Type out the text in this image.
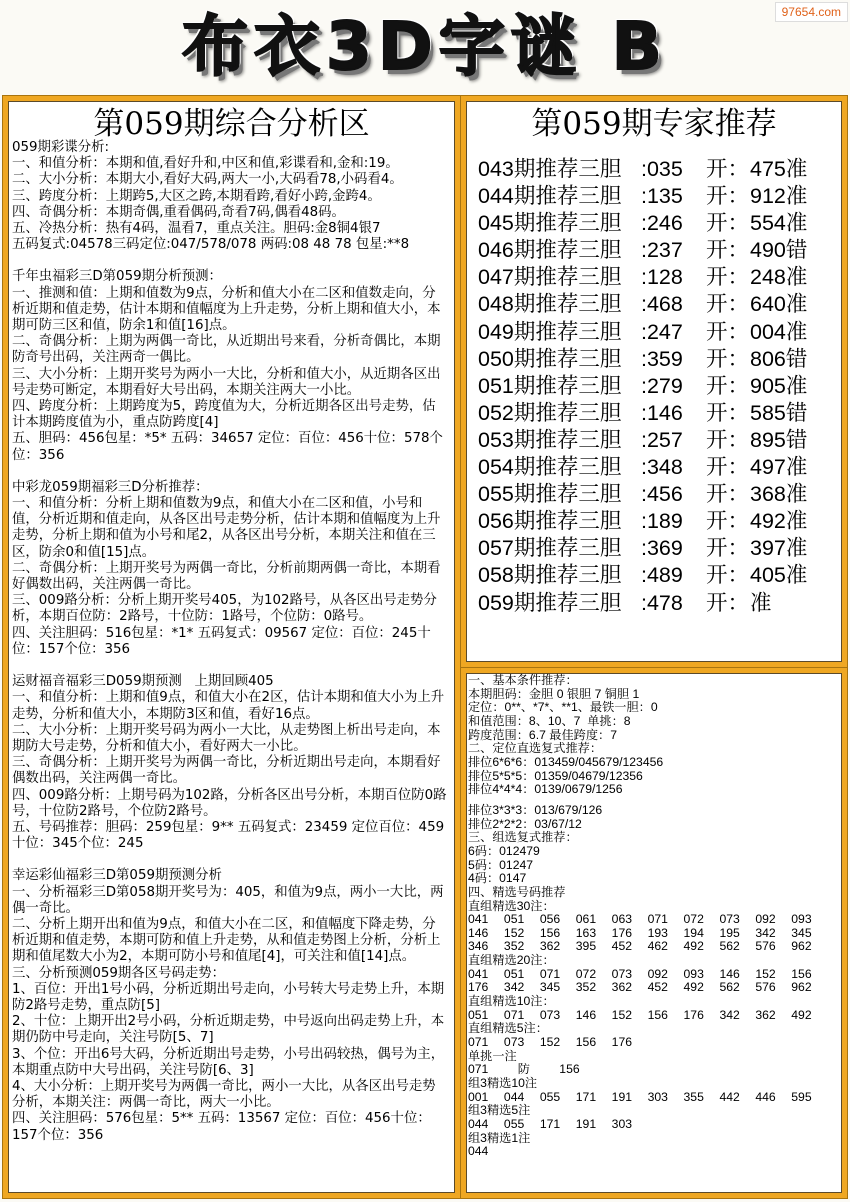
布衣3D字谜 B	97654.com
第059期综合分析区

059期彩谍分析:

一、和值分析：本期和值,看好升和,中区和值,彩谍看和,金和:19。

二、大小分析：本期大小,看好大码,两大一小,大码看78,小码看4。

三、跨度分析：上期跨5,大区之跨,本期看跨,看好小跨,金跨4。

四、奇偶分析：本期奇偶,重看偶码,奇看7码,偶看48码。

五、冷热分析：热有4码，温看7，重点关注。胆码:金8铜4银7

五码复式:04578三码定位:047/578/078 两码:08 48 78 包星:**8

千年虫福彩三D第059期分析预测：

一、推测和值：上期和值数为9点，分析和值大小在二区和值数走向，分析近期和值走势，估计本期和值幅度为上升走势，分析上期和值大小，本期可防三区和值，防余1和值[16]点。

二、奇偶分析：上期为两偶一奇比，从近期出号来看，分析奇偶比，本期防奇号出码，关注两奇一偶比。

三、大小分析：上期开奖号为两小一大比，分析和值大小，从近期各区出号走势可断定，本期看好大号出码，本期关注两大一小比。

四、跨度分析：上期跨度为5，跨度值为大，分析近期各区出号走势，估计本期跨度值为小，重点防跨度[4]

五、胆码：456包星：*5* 五码：34657 定位：百位：456十位：578个位：356

中彩龙059期福彩三D分析推荐：

一、和值分析：分析上期和值数为9点，和值大小在二区和值，小号和值，分析近期和值走向，从各区出号走势分析，估计本期和值幅度为上升走势，分析上期和值为小号和尾2，从各区出号分析，本期关注和值在三区，防余0和值[15]点。

二、奇偶分析：上期开奖号为两偶一奇比，分析前期两偶一奇比，本期看好偶数出码，关注两偶一奇比。

三、009路分析：分析上期开奖号405，为102路号，从各区出号走势分析，本期百位防：2路号，十位防：1路号，个位防：0路号。

四、关注胆码：516包星：*1* 五码复式：09567 定位：百位：245十位：157个位：356

运财福音福彩三D059期预测   上期回顾405

一、和值分析：上期和值9点，和值大小在2区，估计本期和值大小为上升走势，分析和值大小，本期防3区和值，看好16点。

二、大小分析：上期开奖号码为两小一大比，从走势图上析出号走向，本期防大号走势，分析和值大小，看好两大一小比。

三、奇偶分析：上期开奖号为两偶一奇比，分析近期出号走向，本期看好偶数出码，关注两偶一奇比。

四、009路分析：上期号码为102路，分析各区出号分析，本期百位防0路号，十位防2路号，个位防2路号。

五、号码推荐：胆码：259包星：9** 五码复式：23459 定位百位：459十位：345个位：245

幸运彩仙福彩三D第059期预测分析

一、分析福彩三D第058期开奖号为：405，和值为9点，两小一大比，两偶一奇比。

二、分析上期开出和值为9点，和值大小在二区，和值幅度下降走势，分析近期和值走势，本期可防和值上升走势，从和值走势图上分析，分析上期和值尾数大小为2，本期可防小号和值尾[4]，可关注和值[14]点。

三、分析预测059期各区号码走势：

1、百位：开出1号小码，分析近期出号走向，小号转大号走势上升，本期防2路号走势，重点防[5]

2、十位：上期开出2号小码，分析近期走势，中号返向出码走势上升，本期仍防中号走向，关注号防[5、7]

3、个位：开出6号大码，分析近期出号走势，小号出码较热，偶号为主，本期重点防中大号出码，关注号防[6、3]

4、大小分析：上期开奖号为两偶一奇比，两小一大比，从各区出号走势分析，本期关注：两偶一奇比，两大一小比。

四、关注胆码：576包星：5** 五码：13567 定位：百位：456十位：157个位：356

第059期专家推荐
043期推荐三胆 :035 开： 475准
044期推荐三胆 :135 开： 912准
045期推荐三胆 :246 开： 554准
046期推荐三胆 :237 开： 490错
047期推荐三胆 :128 开： 248准
048期推荐三胆 :468 开： 640准
049期推荐三胆 :247 开： 004准
050期推荐三胆 :359 开： 806错
051期推荐三胆 :279 开： 905准
052期推荐三胆 :146 开： 585错
053期推荐三胆 :257 开： 895错
054期推荐三胆 :348 开： 497准
055期推荐三胆 :456 开： 368准
056期推荐三胆 :189 开： 492准
057期推荐三胆 :369 开： 397准
058期推荐三胆 :489 开： 405准
059期推荐三胆 :478 开： 准

一、基本条件推荐：

本期胆码：金胆 0 银胆 7 铜胆 1

定位：0**、*7*、**1、最铁一胆：0

和值范围：8、10、7  单挑：8

跨度范围：6.7 最佳跨度：7

二、定位直选复式推荐：

排位6*6*6：013459/045679/123456

排位5*5*5：01359/04679/12356

排位4*4*4：0139/0679/1256

排位3*3*3：013/679/126

排位2*2*2：03/67/12

三、组选复式推荐：

6码：012479

5码：01247

4码：0147

四、精选号码推荐

直组精选30注：

041 051 056 061 063 071 072 073 092 093

146 152 156 163 176 193 194 195 342 345

346 352 362 395 452 462 492 562 576 962

直组精选20注：

041 051 071 072 073 092 093 146 152 156

176 342 345 352 362 452 492 562 576 962

直组精选10注：

051 071 073 146 152 156 176 342 362 492

直组精选5注：

071 073 152 156 176

单挑一注

071 防 156

组3精选10注

001 044 055 171 191 303 355 442 446 595

组3精选5注

044 055 171 191 303

组3精选1注

044
